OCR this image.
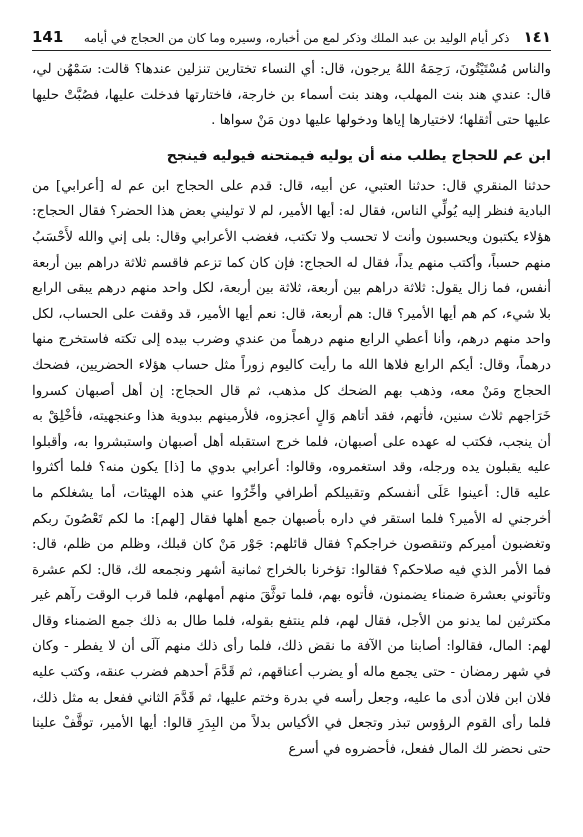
١٤١
ذكر أيام الوليد بن عبد الملك وذكر لمع من أخباره، وسيره وما كان من الحجاج في أيامه
141

والناس مُسْتَيْتُونَ، رَحِمَهُ اللهُ يرجون، قال: أي النساء تختارين تنزلين عندها؟ قالت: سَمْهُن لي، قال: عندي هند بنت المهلب، وهند بنت أسماء بن خارجة، فاختارتها فدخلت عليها، فصُبَّتْ حليها عليها حتى أثقلها؛ لاختيارها إياها ودخولها عليها دون مَنْ سواها .

ابن عم للحجاج يطلب منه أن يوليه فيمتحنه فيوليه فينجح

حدثنا المنقري قال: حدثنا العتبي، عن أبيه، قال: قدم على الحجاج ابن عم له [أعرابي] من البادية فنظر إليه يُولِّي الناس، فقال له: أيها الأمير، لم لا توليني بعض هذا الحضر؟ فقال الحجاج: هؤلاء يكتبون ويحسبون وأنت لا تحسب ولا تكتب، فغضب الأعرابي وقال: بلى إني والله لأَحْسَبُ منهم حسباً، وأكتب منهم يداً، فقال له الحجاج: فإن كان كما تزعم فاقسم ثلاثة دراهم بين أربعة أنفس، فما زال يقول: ثلاثة دراهم بين أربعة، ثلاثة بين أربعة، لكل واحد منهم درهم يبقى الرابع بلا شيء، كم هم أيها الأمير؟ قال: هم أربعة، قال: نعم أيها الأمير، قد وقفت على الحساب، لكل واحد منهم درهم، وأنا أعطي الرابع منهم درهماً من عندي وضرب بيده إلى تكته فاستخرج منها درهماً، وقال: أيكم الرابع فلاها الله ما رأيت كاليوم زوراً مثل حساب هؤلاء الحضريين، فضحك الحجاج ومَنْ معه، وذهب بهم الضحك كل مذهب، ثم قال الحجاج: إن أهل أصبهان كسروا خَرَاجهم ثلاث سنين، فأتهم، فقد أتاهم وَالٍ أعجزوه، فلأرمينهم ببدوية هذا وعنجهيته، فأخْلِقْ به أن ينجب، فكتب له عهده على أصبهان، فلما خرج استقبله أهل أصبهان واستبشروا به، وأقبلوا عليه يقبلون يده ورجله، وقد استغمروه، وقالوا: أعرابي بدوي ما [ذا] يكون منه؟ فلما أكثروا عليه قال: أعينوا عَلَى أنفسكم وتقبيلكم أطرافي وأخِّرُوا عني هذه الهيئات، أما يشغلكم ما أخرجني له الأمير؟ فلما استقر في داره بأصبهان جمع أهلها فقال [لهم]: ما لكم تَعْصُونَ ربكم وتغضبون أميركم وتنقصون خراجكم؟ فقال قائلهم: جَوْر مَنْ كان قبلك، وظلم من ظلم، قال: فما الأمر الذي فيه صلاحكم؟ فقالوا: تؤخرنا بالخراج ثمانية أشهر ونجمعه لك، قال: لكم عشرة وتأتوني بعشرة ضمناء يضمنون، فأتوه بهم، فلما توثَّقَ منهم أمهلهم، فلما قرب الوقت رآهم غير مكترثين لما يدنو من الأجل، فقال لهم، فلم ينتفع بقوله، فلما طال به ذلك جمع الضمناء وقال لهم: المال، فقالوا: أصابنا من الآفة ما نقض ذلك، فلما رأى ذلك منهم آلَى أن لا يفطر - وكان في شهر رمضان - حتى يجمع ماله أو يضرب أعناقهم، ثم قَدَّمَ أحدهم فضرب عنقه، وكتب عليه فلان ابن فلان أدى ما عليه، وجعل رأسه في بدرة وختم عليها، ثم قَدَّمَ الثاني ففعل به مثل ذلك، فلما رأى القوم الرؤوس تبذر وتجعل في الأكياس بدلاً من البِدَرِ قالوا: أيها الأمير، توقَّفْ علينا حتى نحضر لك المال ففعل، فأحضروه في أسرع
